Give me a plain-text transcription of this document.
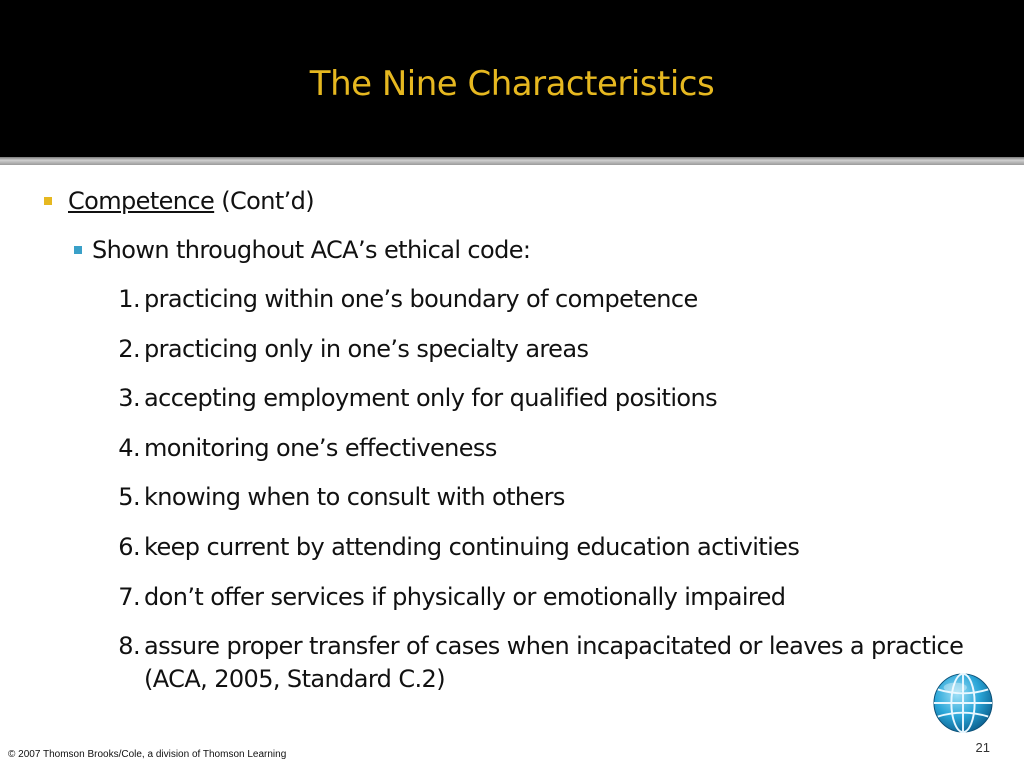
The Nine Characteristics
Competence (Cont’d)
Shown throughout ACA’s ethical code:
1. practicing within one’s boundary of competence
2. practicing only in one’s specialty areas
3. accepting employment only for qualified positions
4. monitoring one’s effectiveness
5. knowing when to consult with others
6. keep current by attending continuing education activities
7. don’t offer services if physically or emotionally impaired
8. assure proper transfer of cases when incapacitated or leaves a practice (ACA, 2005, Standard C.2)
© 2007 Thomson Brooks/Cole, a division of Thomson Learning	21
